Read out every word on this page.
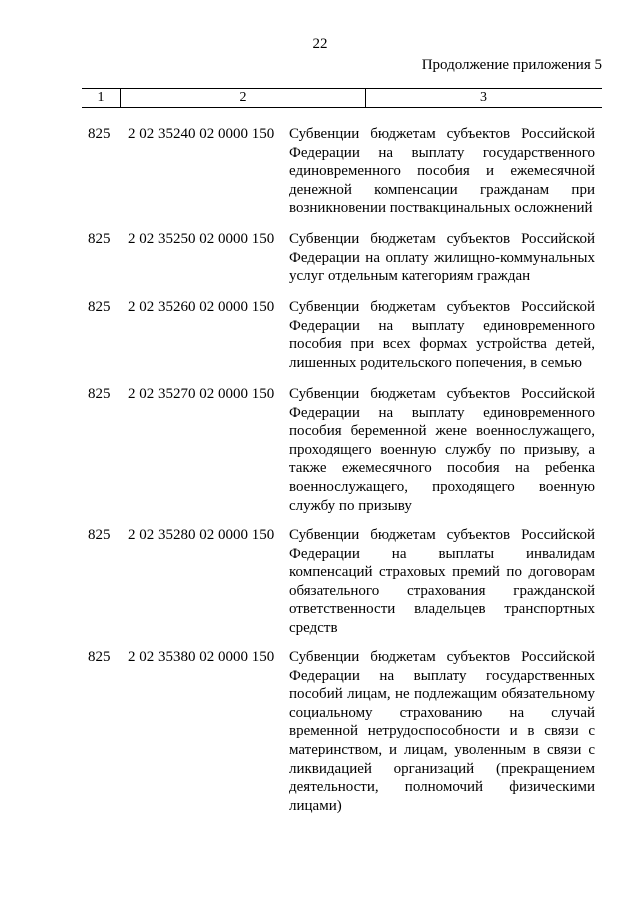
22
Продолжение приложения 5
1	2	3
825	2 02 35240 02 0000 150 Субвенции бюджетам субъектов Российской Федерации на выплату государственного единовременного пособия и ежемесячной денежной компенсации гражданам при возникновении поствакцинальных осложнений
825	2 02 35250 02 0000 150 Субвенции бюджетам субъектов Российской Федерации на оплату жилищно-коммунальных услуг отдельным категориям граждан
825	2 02 35260 02 0000 150 Субвенции бюджетам субъектов Российской Федерации на выплату единовременного пособия при всех формах устройства детей, лишенных родительского попечения, в семью
825	2 02 35270 02 0000 150 Субвенции бюджетам субъектов Российской Федерации на выплату единовременного пособия беременной жене военнослужащего, проходящего военную службу по призыву, а также ежемесячного пособия на ребенка военнослужащего, проходящего военную службу по призыву
825	2 02 35280 02 0000 150 Субвенции бюджетам субъектов Российской Федерации на выплаты инвалидам компенсаций страховых премий по договорам обязательного страхования гражданской ответственности владельцев транспортных средств
825	2 02 35380 02 0000 150 Субвенции бюджетам субъектов Российской Федерации на выплату государственных пособий лицам, не подлежащим обязательному социальному страхованию на случай временной нетрудоспособности и в связи с материнством, и лицам, уволенным в связи с ликвидацией организаций (прекращением деятельности, полномочий физическими лицами)
